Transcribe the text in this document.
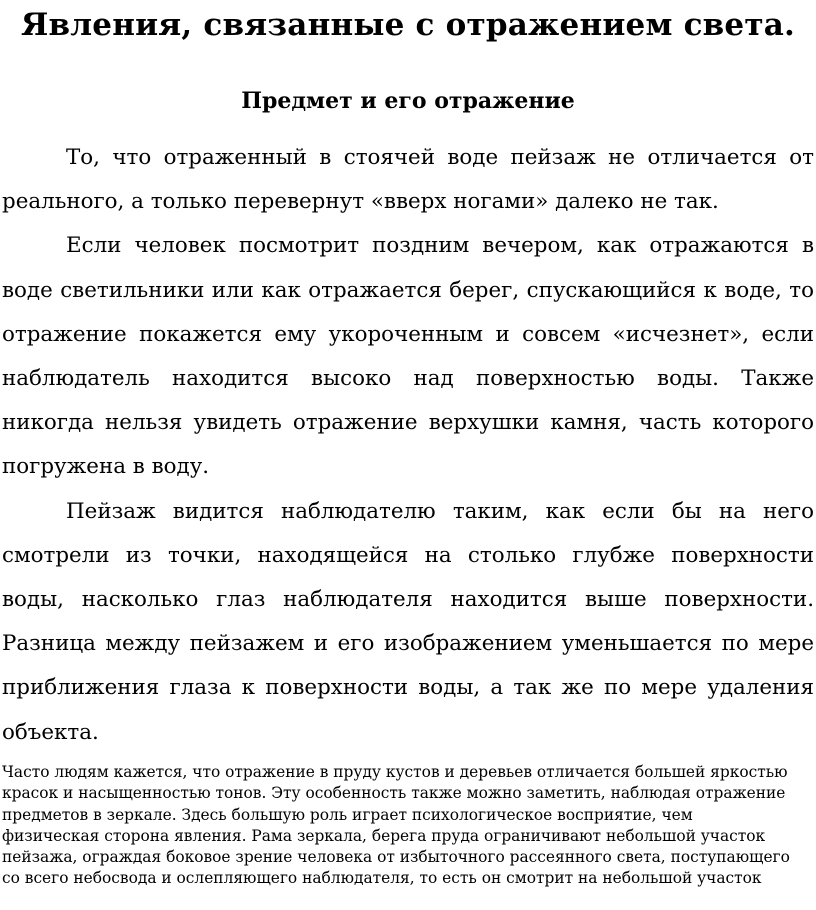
Явления, связанные с отражением света.
Предмет и его отражение

То, что отраженный в стоячей воде пейзаж не отличается от реального, а только перевернут «вверх ногами» далеко не так.

Если человек посмотрит поздним вечером, как отражаются в воде светильники или как отражается берег, спускающийся к воде, то отражение покажется ему укороченным и совсем «исчезнет», если наблюдатель находится высоко над поверхностью воды. Также никогда нельзя увидеть отражение верхушки камня, часть которого погружена в воду.

Пейзаж видится наблюдателю таким, как если бы на него смотрели из точки, находящейся на столько глубже поверхности воды, насколько глаз наблюдателя находится выше поверхности. Разница между пейзажем и его изображением уменьшается по мере приближения глаза к поверхности воды, а так же по мере удаления объекта.

Часто людям кажется, что отражение в пруду кустов и деревьев отличается большей яркостью красок и насыщенностью тонов. Эту особенность также можно заметить, наблюдая отражение предметов в зеркале. Здесь большую роль играет психологическое восприятие, чем физическая сторона явления. Рама зеркала, берега пруда ограничивают небольшой участок пейзажа, ограждая боковое зрение человека от избыточного рассеянного света, поступающего со всего небосвода и ослепляющего наблюдателя, то есть он смотрит на небольшой участок
